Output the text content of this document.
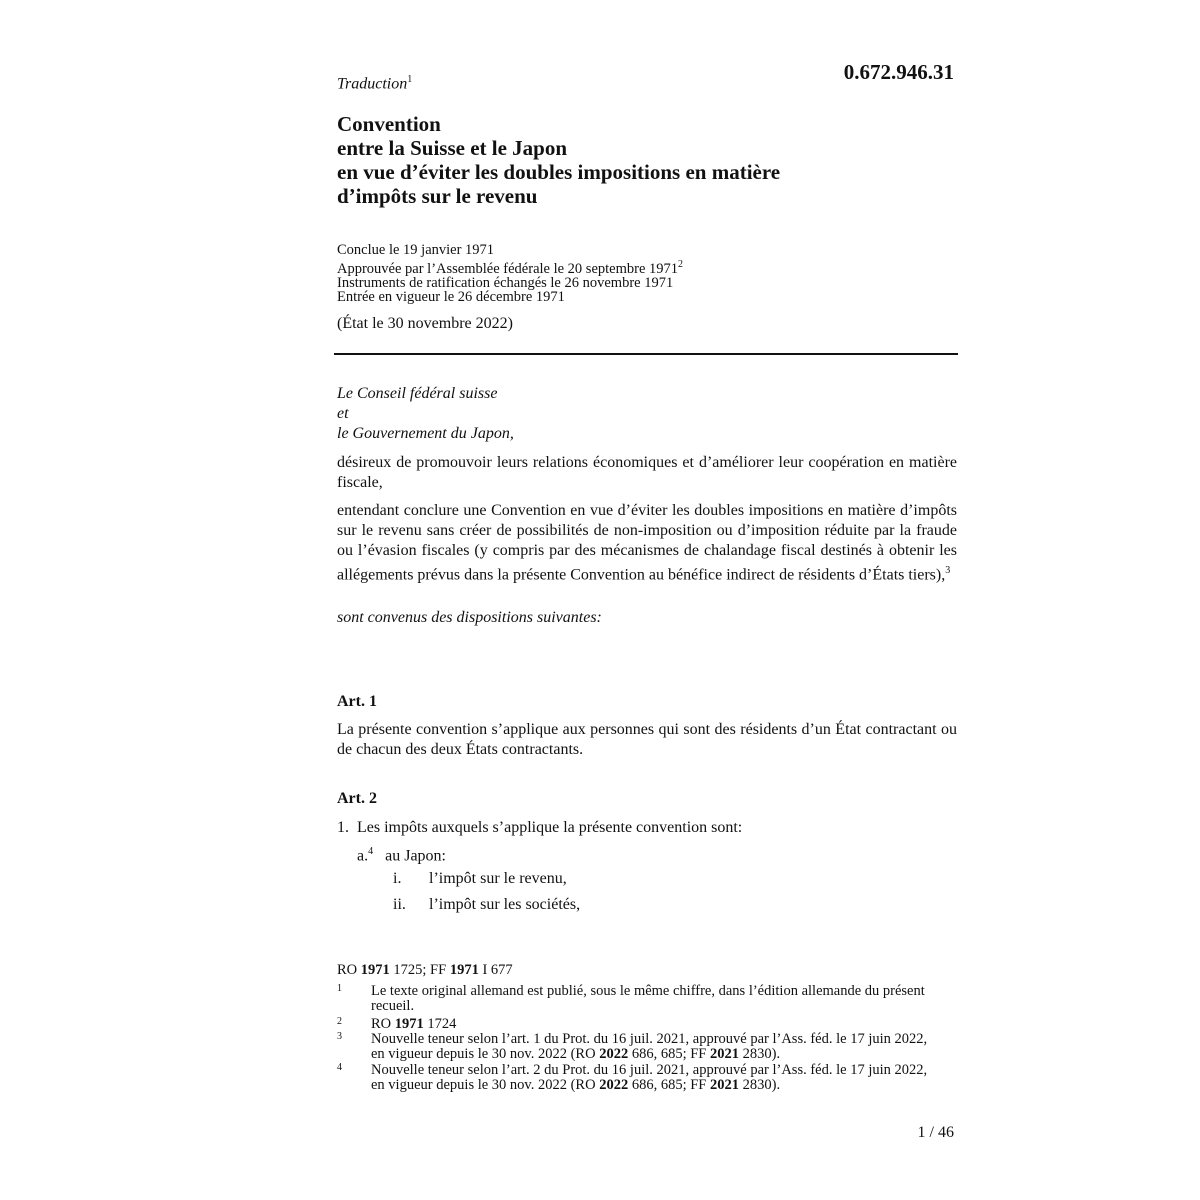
0.672.946.31
Traduction$^1$
Convention
entre la Suisse et le Japon
en vue d’éviter les doubles impositions en matière
d’impôts sur le revenu
Conclue le 19 janvier 1971
Approuvée par l’Assemblée fédérale le 20 septembre 1971$^2$
Instruments de ratification échangés le 26 novembre 1971
Entrée en vigueur le 26 décembre 1971
(État le 30 novembre 2022)
Le Conseil fédéral suisse
et
le Gouvernement du Japon,
désireux de promouvoir leurs relations économiques et d’améliorer leur coopération en matière fiscale,
entendant conclure une Convention en vue d’éviter les doubles impositions en matière d’impôts sur le revenu sans créer de possibilités de non-imposition ou d’imposition réduite par la fraude ou l’évasion fiscales (y compris par des mécanismes de chalandage fiscal destinés à obtenir les allégements prévus dans la présente Convention au bénéfice indirect de résidents d’États tiers),$^3$
sont convenus des dispositions suivantes:
Art. 1
La présente convention s’applique aux personnes qui sont des résidents d’un État contractant ou de chacun des deux États contractants.
Art. 2
1.  Les impôts auxquels s’applique la présente convention sont:
a.$^4$ au Japon:
i. l’impôt sur le revenu,
ii. l’impôt sur les sociétés,
RO 1971 1725; FF 1971 I 677
1 Le texte original allemand est publié, sous le même chiffre, dans l’édition allemande du présent recueil.
2 RO 1971 1724
3 Nouvelle teneur selon l’art. 1 du Prot. du 16 juil. 2021, approuvé par l’Ass. féd. le 17 juin 2022, en vigueur depuis le 30 nov. 2022 (RO 2022 686, 685; FF 2021 2830).
4 Nouvelle teneur selon l’art. 2 du Prot. du 16 juil. 2021, approuvé par l’Ass. féd. le 17 juin 2022, en vigueur depuis le 30 nov. 2022 (RO 2022 686, 685; FF 2021 2830).
1 / 46
